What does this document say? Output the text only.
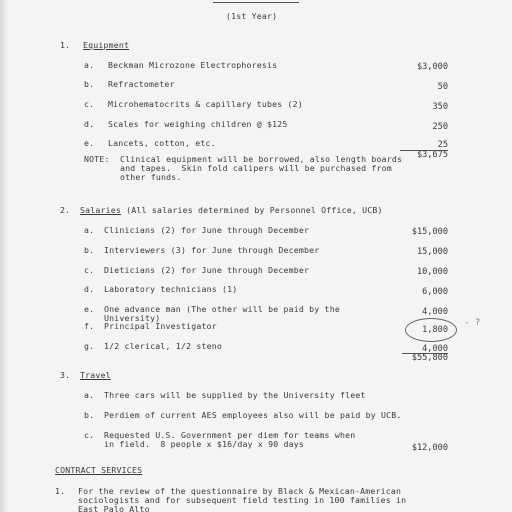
(1st Year)
1. Equipment
a. Beckman Microzone Electrophoresis	$3,000
b. Refractometer	50
c. Microhematocrits & capillary tubes (2)	350
d. Scales for weighing children @ $125	250
e. Lancets, cotton, etc.	25
$3,675
NOTE: Clinical equipment will be borrowed, also length boards
and tapes.  Skin fold calipers will be purchased from
other funds.
2. Salaries (All salaries determined by Personnel Office, UCB)
a. Clinicians (2) for June through December	$15,000
b. Interviewers (3) for June through December	15,000
c. Dieticians (2) for June through December	10,000
d. Laboratory technicians (1)	6,000
e. One advance man (The other will be paid by the
University)
4,000
f. Principal Investigator	1,800
- ?
g. 1/2 clerical, 1/2 steno	4,000
$55,800
3. Travel
a. Three cars will be supplied by the University fleet
b. Perdiem of current AES employees also will be paid by UCB.
c. Requested U.S. Government per diem for teams when
in field.  8 people x $16/day x 90 days	$12,000
CONTRACT SERVICES
1. For the review of the questionnaire by Black & Mexican-American
sociologists and for subsequent field testing in 100 families in
East Palo Alto
